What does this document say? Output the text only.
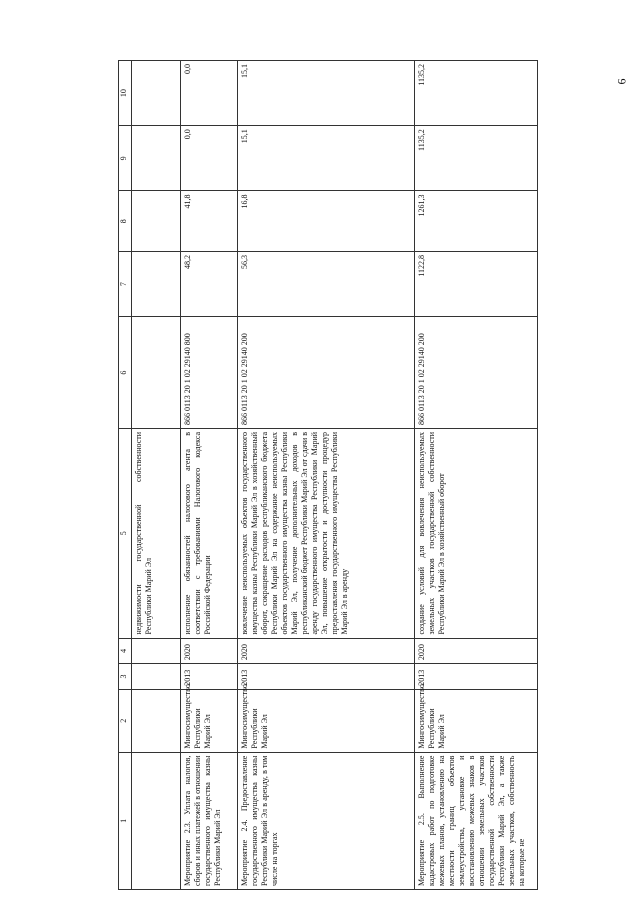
6
1	2	3	4	5	6	7	8	9	10
				недвижимости государственной собственности Республики Марий Эл					
Мероприятие 2.3. Уплата налогов, сборов и иных платежей в отношении государственного имущества казны Республики Марий Эл	Мингосимущество Республики Марий Эл	2013	2020	исполнение обязанностей налогового агента в соответствии с требованиями Налогового кодекса Российской Федерации	866 0113 20 1 02 29140 800	48,2	41,8	0,0	0,0
Мероприятие 2.4. Предоставление государственного имущества казны Республики Марий Эл в аренду, в том числе на торгах	Мингосимущество Республики Марий Эл	2013	2020	вовлечение неиспользуемых объектов государственного имущества казны Республики Марий Эл в хозяйственный оборот, сокращение расходов республиканского бюджета Республики Марий Эл на содержание неиспользуемых объектов государственного имущества казны Республики Марий Эл, получение дополнительных доходов в республиканский бюджет Республики Марий Эл от сдачи в аренду государственного имущества Республики Марий Эл, повышение открытости и доступности процедур предоставления государственного имущества Республики Марий Эл в аренду	866 0113 20 1 02 29140 200	56,3	16,8	15,1	15,1
Мероприятие 2.5. Выполнение кадастровых работ по подготовке межевых планов, установлению на местности границ объектов землеустройства, установке и восстановлению межевых знаков в отношении земельных участков государственной собственности Республики Марий Эл, а также земельных участков, собственность на которые не	Мингосимущество Республики Марий Эл	2013	2020	создание условий для вовлечения неиспользуемых земельных участков государственной собственности Республики Марий Эл в хозяйственный оборот	866 0113 20 1 02 29140 200	1122,8	1261,3	1135,2	1135,2
